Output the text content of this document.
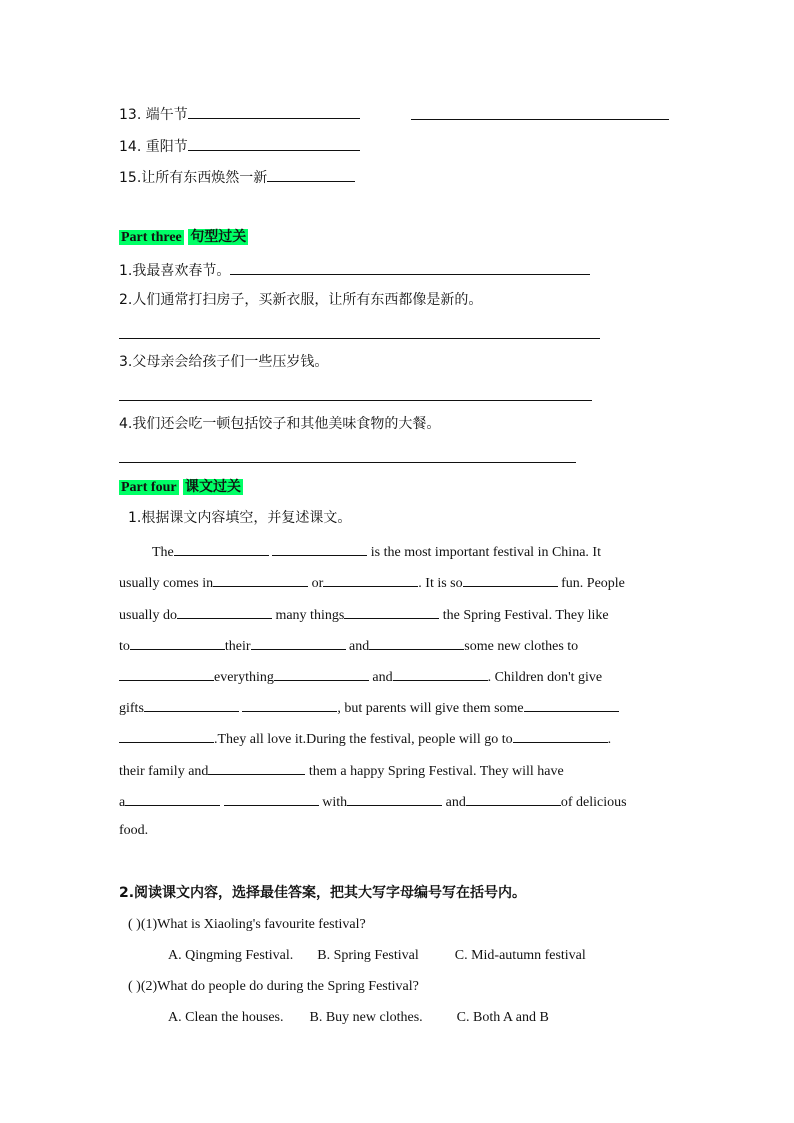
13. 端午节
14. 重阳节
15.让所有东西焕然一新
Part three 句型过关
1.我最喜欢春节。
2.人们通常打扫房子，买新衣服，让所有东西都像是新的。
3.父母亲会给孩子们一些压岁钱。
4.我们还会吃一顿包括饺子和其他美味食物的大餐。
Part four 课文过关
1.根据课文内容填空，并复述课文。
The	is the most important festival in China. It
usually comes in	or	. It is so	fun. People
usually do	many things	the Spring Festival. They like
to	their	and	some new clothes to
everything	and	. Children don't give
gifts	, but parents will give them some
.They all love it.During the festival, people will go to	.
their family and	them a happy Spring Festival. They will have
a	with	and	of delicious
food.
2.阅读课文内容，选择最佳答案，把其大写字母编号写在括号内。
( )(1)What is Xiaoling's favourite festival?
A. Qingming Festival. B. Spring Festival	C. Mid-autumn festival
( )(2)What do people do during the Spring Festival?
A. Clean the houses. B. Buy new clothes. C. Both A and B
